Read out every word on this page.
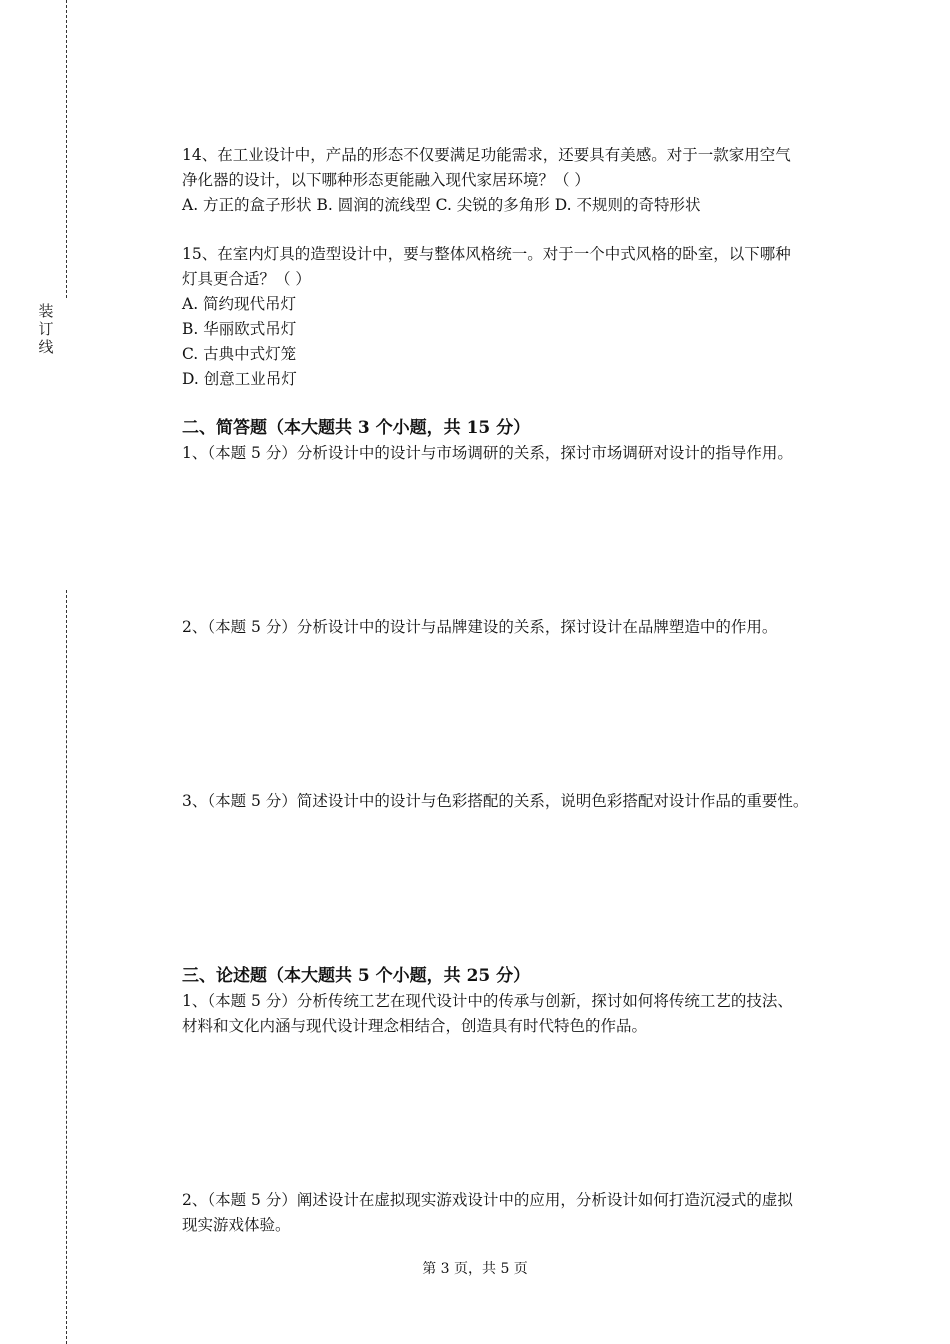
装
订
线

14、在工业设计中，产品的形态不仅要满足功能需求，还要具有美感。对于一款家用空气

净化器的设计，以下哪种形态更能融入现代家居环境？（ ）

A. 方正的盒子形状 B. 圆润的流线型 C. 尖锐的多角形 D. 不规则的奇特形状

15、在室内灯具的造型设计中，要与整体风格统一。对于一个中式风格的卧室，以下哪种

灯具更合适？（ ）

A. 简约现代吊灯

B. 华丽欧式吊灯

C. 古典中式灯笼

D. 创意工业吊灯

二、简答题（本大题共 3 个小题，共 15 分）
1、（本题 5 分）分析设计中的设计与市场调研的关系，探讨市场调研对设计的指导作用。
2、（本题 5 分）分析设计中的设计与品牌建设的关系，探讨设计在品牌塑造中的作用。
3、（本题 5 分）简述设计中的设计与色彩搭配的关系，说明色彩搭配对设计作品的重要性。
三、论述题（本大题共 5 个小题，共 25 分）

1、（本题 5 分）分析传统工艺在现代设计中的传承与创新，探讨如何将传统工艺的技法、

材料和文化内涵与现代设计理念相结合，创造具有时代特色的作品。

2、（本题 5 分）阐述设计在虚拟现实游戏设计中的应用，分析设计如何打造沉浸式的虚拟

现实游戏体验。

第 3 页，共 5 页
